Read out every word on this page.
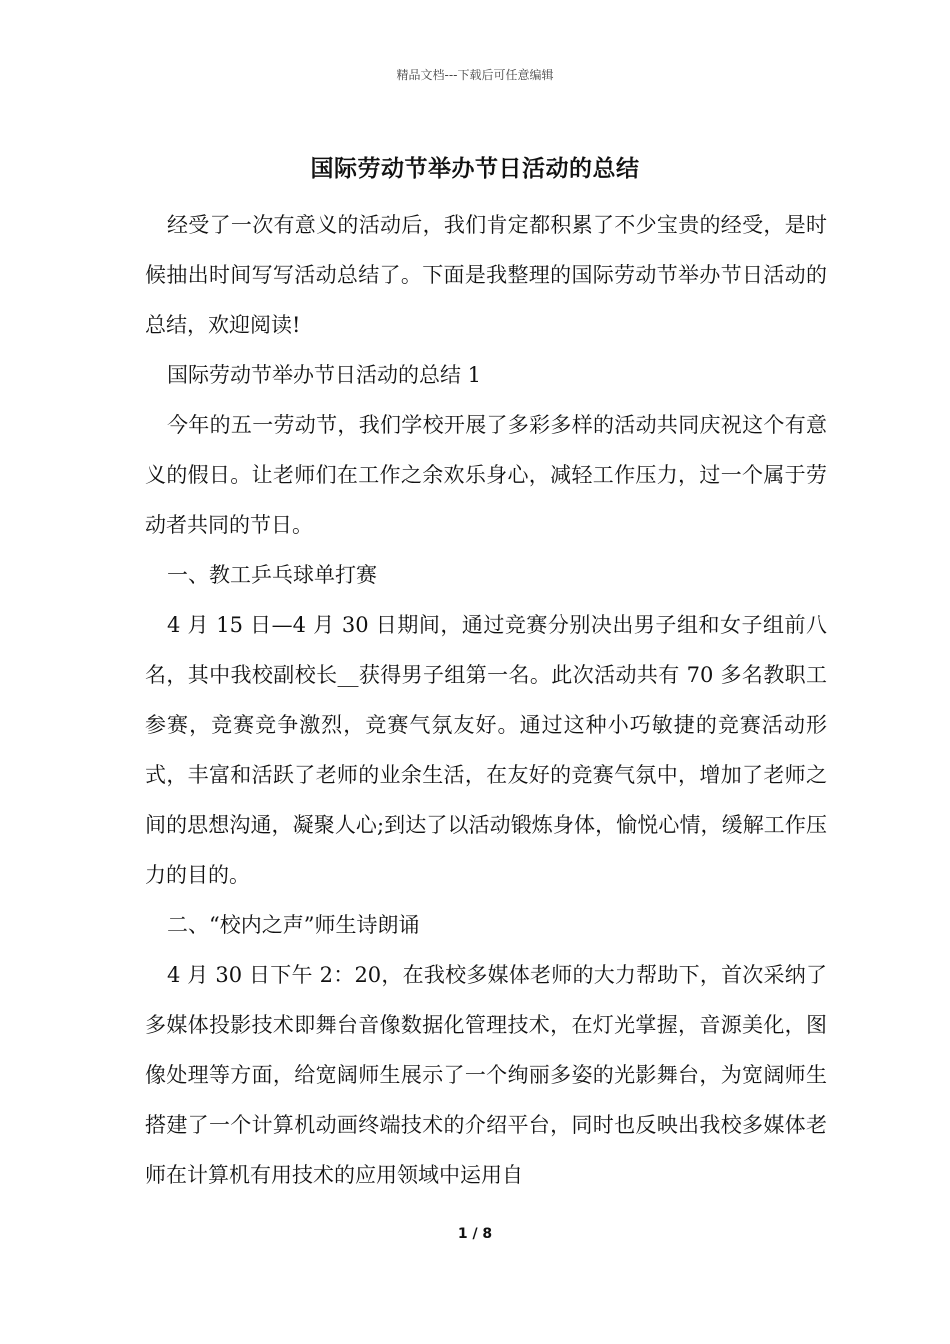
精品文档---下载后可任意编辑
国际劳动节举办节日活动的总结

经受了一次有意义的活动后，我们肯定都积累了不少宝贵的经受，是时候抽出时间写写活动总结了。下面是我整理的国际劳动节举办节日活动的总结，欢迎阅读!

国际劳动节举办节日活动的总结 1

今年的五一劳动节，我们学校开展了多彩多样的活动共同庆祝这个有意义的假日。让老师们在工作之余欢乐身心，减轻工作压力，过一个属于劳动者共同的节日。

一、教工乒乓球单打赛

4 月 15 日—4 月 30 日期间，通过竞赛分别决出男子组和女子组前八名，其中我校副校长__获得男子组第一名。此次活动共有 70 多名教职工参赛，竞赛竞争激烈，竞赛气氛友好。通过这种小巧敏捷的竞赛活动形式，丰富和活跃了老师的业余生活，在友好的竞赛气氛中，增加了老师之间的思想沟通，凝聚人心;到达了以活动锻炼身体，愉悦心情，缓解工作压力的目的。

二、“校内之声”师生诗朗诵

4 月 30 日下午 2：20，在我校多媒体老师的大力帮助下，首次采纳了多媒体投影技术即舞台音像数据化管理技术，在灯光掌握，音源美化，图像处理等方面，给宽阔师生展示了一个绚丽多姿的光影舞台，为宽阔师生搭建了一个计算机动画终端技术的介绍平台，同时也反映出我校多媒体老师在计算机有用技术的应用领域中运用自

1 / 8
